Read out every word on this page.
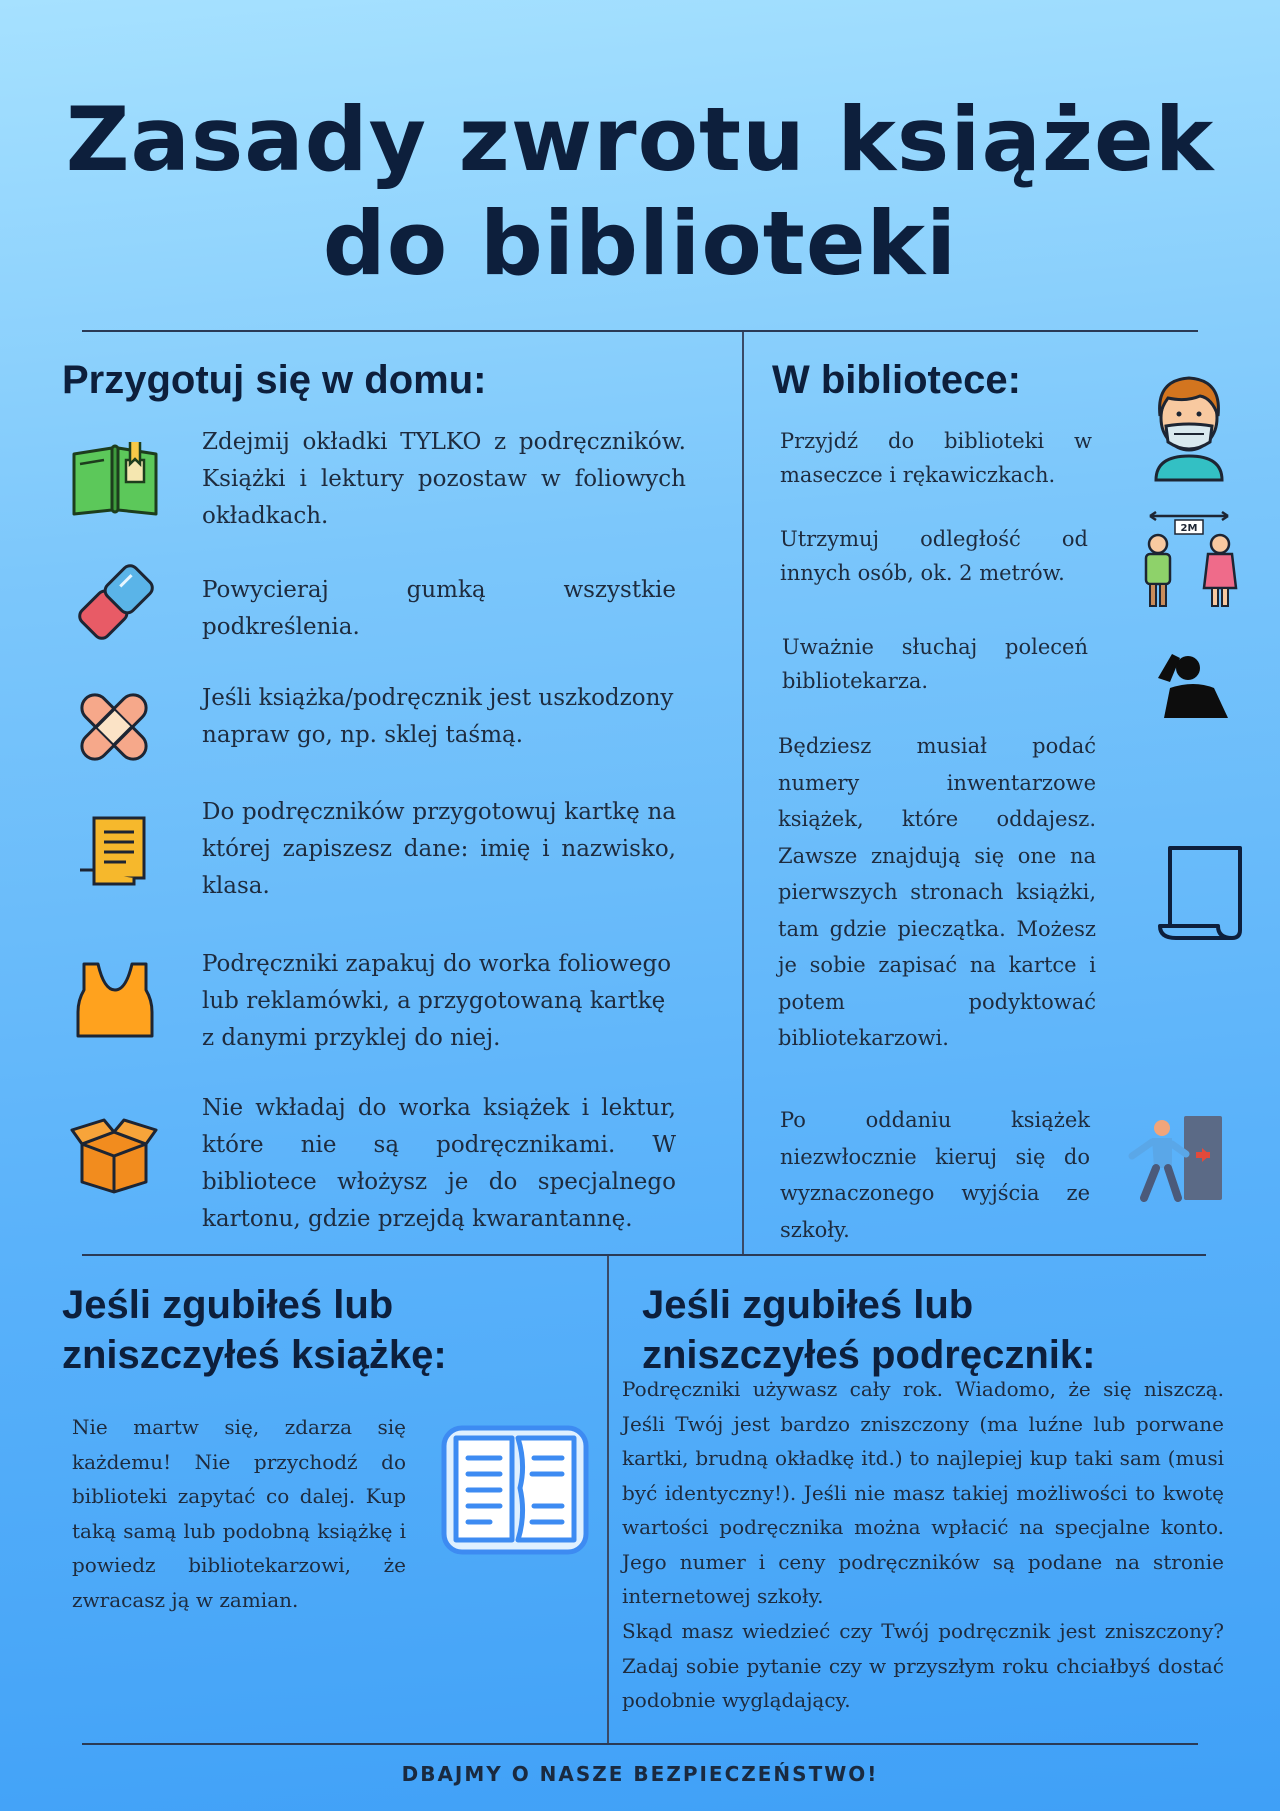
Zasady zwrotu książek
do biblioteki
Przygotuj się w domu:
Zdejmij okładki TYLKO z podręczników. Książki i lektury pozostaw w foliowych okładkach.
Powycieraj gumką wszystkie podkreślenia.
Jeśli książka/podręcznik jest uszkodzony napraw go, np. sklej taśmą.
Do podręczników przygotowuj kartkę na której zapiszesz dane: imię i nazwisko, klasa.
Podręczniki zapakuj do worka foliowego lub reklamówki, a przygotowaną kartkę z danymi przyklej do niej.
Nie wkładaj do worka książek i lektur, które nie są podręcznikami. W bibliotece włożysz je do specjalnego kartonu, gdzie przejdą kwarantannę.
W bibliotece:
Przyjdź do biblioteki w maseczce i rękawiczkach.
Utrzymuj odległość od innych osób, ok. 2 metrów.
Uważnie słuchaj poleceń bibliotekarza.
Będziesz musiał podać numery inwentarzowe książek, które oddajesz. Zawsze znajdują się one na pierwszych stronach książki, tam gdzie pieczątka. Możesz je sobie zapisać na kartce i potem podyktować bibliotekarzowi.
Po oddaniu książek niezwłocznie kieruj się do wyznaczonego wyjścia ze szkoły.
2M
Jeśli zgubiłeś lub
zniszczyłeś książkę:
Nie martw się, zdarza się każdemu! Nie przychodź do biblioteki zapytać co dalej. Kup taką samą lub podobną książkę i powiedz bibliotekarzowi, że zwracasz ją w zamian.
Jeśli zgubiłeś lub
zniszczyłeś podręcznik:
Podręczniki używasz cały rok. Wiadomo, że się niszczą. Jeśli Twój jest bardzo zniszczony (ma luźne lub porwane kartki, brudną okładkę itd.) to najlepiej kup taki sam (musi być identyczny!). Jeśli nie masz takiej możliwości to kwotę wartości podręcznika można wpłacić na specjalne konto. Jego numer i ceny podręczników są podane na stronie internetowej szkoły.
Skąd masz wiedzieć czy Twój podręcznik jest zniszczony? Zadaj sobie pytanie czy w przyszłym roku chciałbyś dostać podobnie wyglądający.
DBAJMY O NASZE BEZPIECZEŃSTWO!
